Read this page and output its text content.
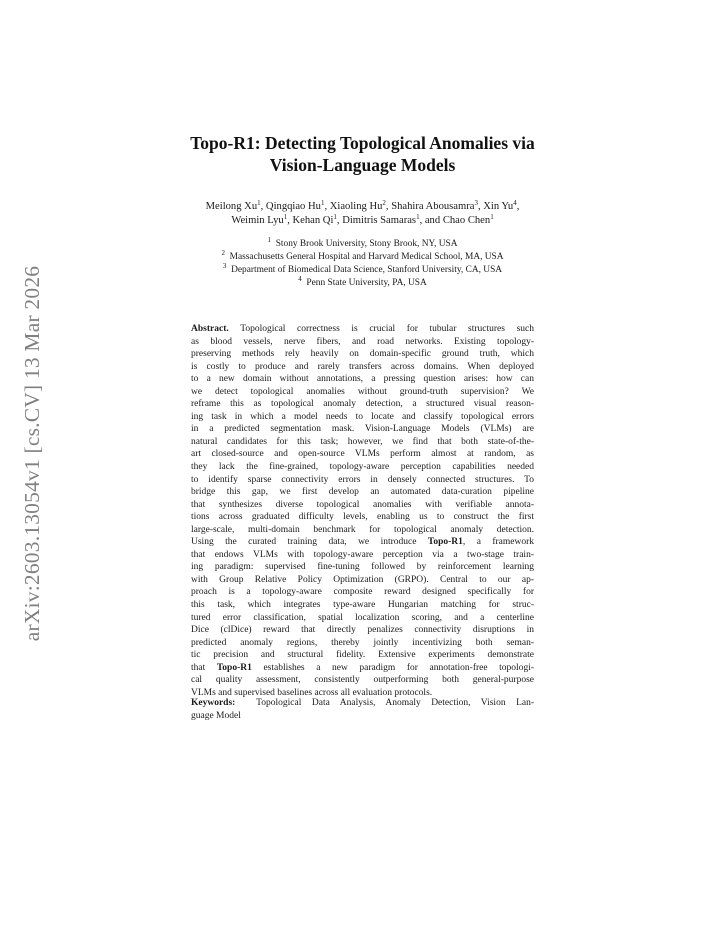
arXiv:2603.13054v1 [cs.CV] 13 Mar 2026
Topo-R1: Detecting Topological Anomalies via
Vision-Language Models
Meilong Xu$^1$, Qingqiao Hu$^1$, Xiaoling Hu$^2$, Shahira Abousamra$^3$, Xin Yu$^4$,
Weimin Lyu$^1$, Kehan Qi$^1$, Dimitris Samaras$^1$, and Chao Chen$^1$
$^1$ Stony Brook University, Stony Brook, NY, USA
$^2$ Massachusetts General Hospital and Harvard Medical School, MA, USA
$^3$ Department of Biomedical Data Science, Stanford University, CA, USA
$^4$ Penn State University, PA, USA
Abstract. Topological correctness is crucial for tubular structures such
as blood vessels, nerve fibers, and road networks. Existing topology-
preserving methods rely heavily on domain-specific ground truth, which
is costly to produce and rarely transfers across domains. When deployed
to a new domain without annotations, a pressing question arises: how can
we detect topological anomalies without ground-truth supervision? We
reframe this as topological anomaly detection, a structured visual reason-
ing task in which a model needs to locate and classify topological errors
in a predicted segmentation mask. Vision-Language Models (VLMs) are
natural candidates for this task; however, we find that both state-of-the-
art closed-source and open-source VLMs perform almost at random, as
they lack the fine-grained, topology-aware perception capabilities needed
to identify sparse connectivity errors in densely connected structures. To
bridge this gap, we first develop an automated data-curation pipeline
that synthesizes diverse topological anomalies with verifiable annota-
tions across graduated difficulty levels, enabling us to construct the first
large-scale, multi-domain benchmark for topological anomaly detection.
Using the curated training data, we introduce Topo-R1, a framework
that endows VLMs with topology-aware perception via a two-stage train-
ing paradigm: supervised fine-tuning followed by reinforcement learning
with Group Relative Policy Optimization (GRPO). Central to our ap-
proach is a topology-aware composite reward designed specifically for
this task, which integrates type-aware Hungarian matching for struc-
tured error classification, spatial localization scoring, and a centerline
Dice (clDice) reward that directly penalizes connectivity disruptions in
predicted anomaly regions, thereby jointly incentivizing both seman-
tic precision and structural fidelity. Extensive experiments demonstrate
that Topo-R1 establishes a new paradigm for annotation-free topologi-
cal quality assessment, consistently outperforming both general-purpose
VLMs and supervised baselines across all evaluation protocols.
Keywords: Topological Data Analysis, Anomaly Detection, Vision Lan-
guage Model
